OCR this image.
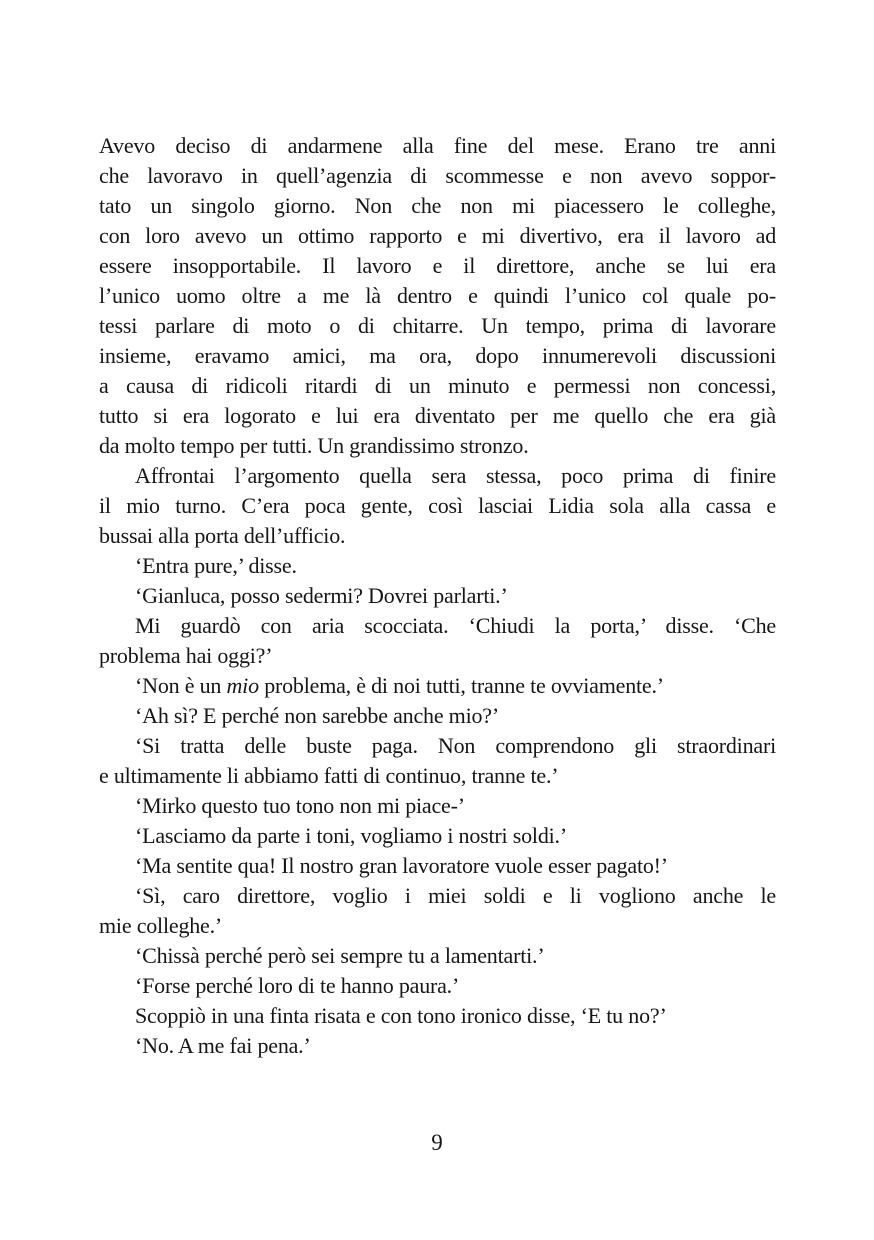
Avevo deciso di andarmene alla fine del mese. Erano tre anni
che lavoravo in quell’agenzia di scommesse e non avevo soppor-
tato un singolo giorno. Non che non mi piacessero le colleghe,
con loro avevo un ottimo rapporto e mi divertivo, era il lavoro ad
essere insopportabile. Il lavoro e il direttore, anche se lui era
l’unico uomo oltre a me là dentro e quindi l’unico col quale po-
tessi parlare di moto o di chitarre. Un tempo, prima di lavorare
insieme, eravamo amici, ma ora, dopo innumerevoli discussioni
a causa di ridicoli ritardi di un minuto e permessi non concessi,
tutto si era logorato e lui era diventato per me quello che era già
da molto tempo per tutti. Un grandissimo stronzo.
Affrontai l’argomento quella sera stessa, poco prima di finire
il mio turno. C’era poca gente, così lasciai Lidia sola alla cassa e
bussai alla porta dell’ufficio.
‘Entra pure,’ disse.
‘Gianluca, posso sedermi? Dovrei parlarti.’
Mi guardò con aria scocciata. ‘Chiudi la porta,’ disse. ‘Che
problema hai oggi?’
‘Non è un mio problema, è di noi tutti, tranne te ovviamente.’
‘Ah sì? E perché non sarebbe anche mio?’
‘Si tratta delle buste paga. Non comprendono gli straordinari
e ultimamente li abbiamo fatti di continuo, tranne te.’
‘Mirko questo tuo tono non mi piace-’
‘Lasciamo da parte i toni, vogliamo i nostri soldi.’
‘Ma sentite qua! Il nostro gran lavoratore vuole esser pagato!’
‘Sì, caro direttore, voglio i miei soldi e li vogliono anche le
mie colleghe.’
‘Chissà perché però sei sempre tu a lamentarti.’
‘Forse perché loro di te hanno paura.’
Scoppiò in una finta risata e con tono ironico disse, ‘E tu no?’
‘No. A me fai pena.’
9
